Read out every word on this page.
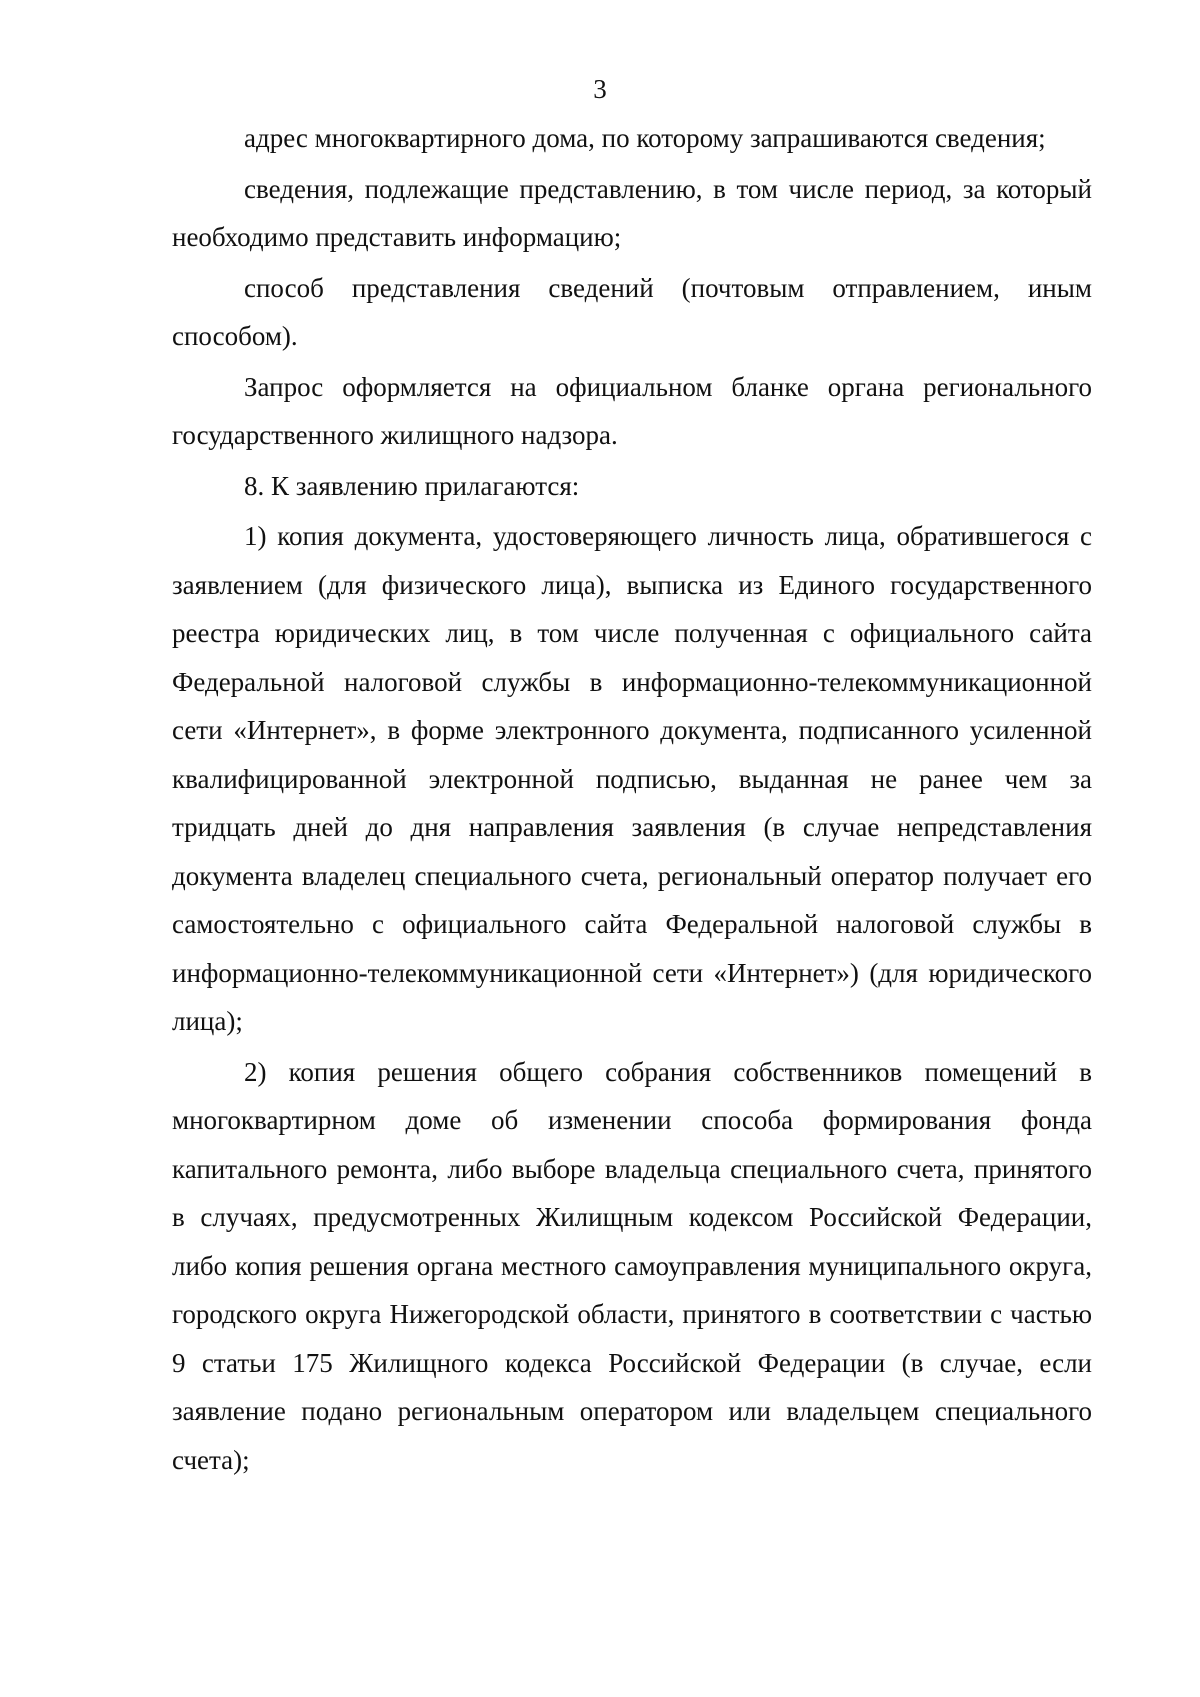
3

адрес многоквартирного дома, по которому запрашиваются сведения;

сведения, подлежащие представлению, в том числе период, за который необходимо представить информацию;

способ представления сведений (почтовым отправлением, иным способом).

Запрос оформляется на официальном бланке органа регионального государственного жилищного надзора.

8. К заявлению прилагаются:

1) копия документа, удостоверяющего личность лица, обратившегося с заявлением (для физического лица), выписка из Единого государственного реестра юридических лиц, в том числе полученная с официального сайта Федеральной налоговой службы в информационно-телекоммуникационной сети «Интернет», в форме электронного документа, подписанного усиленной квалифицированной электронной подписью, выданная не ранее чем за тридцать дней до дня направления заявления (в случае непредставления документа владелец специального счета, региональный оператор получает его самостоятельно с официального сайта Федеральной налоговой службы в информационно-телекоммуникационной сети «Интернет») (для юридического лица);

2) копия решения общего собрания собственников помещений в многоквартирном доме об изменении способа формирования фонда капитального ремонта, либо выборе владельца специального счета, принятого в случаях, предусмотренных Жилищным кодексом Российской Федерации, либо копия решения органа местного самоуправления муниципального округа, городского округа Нижегородской области, принятого в соответствии с частью 9 статьи 175 Жилищного кодекса Российской Федерации (в случае, если заявление подано региональным оператором или владельцем специального счета);
